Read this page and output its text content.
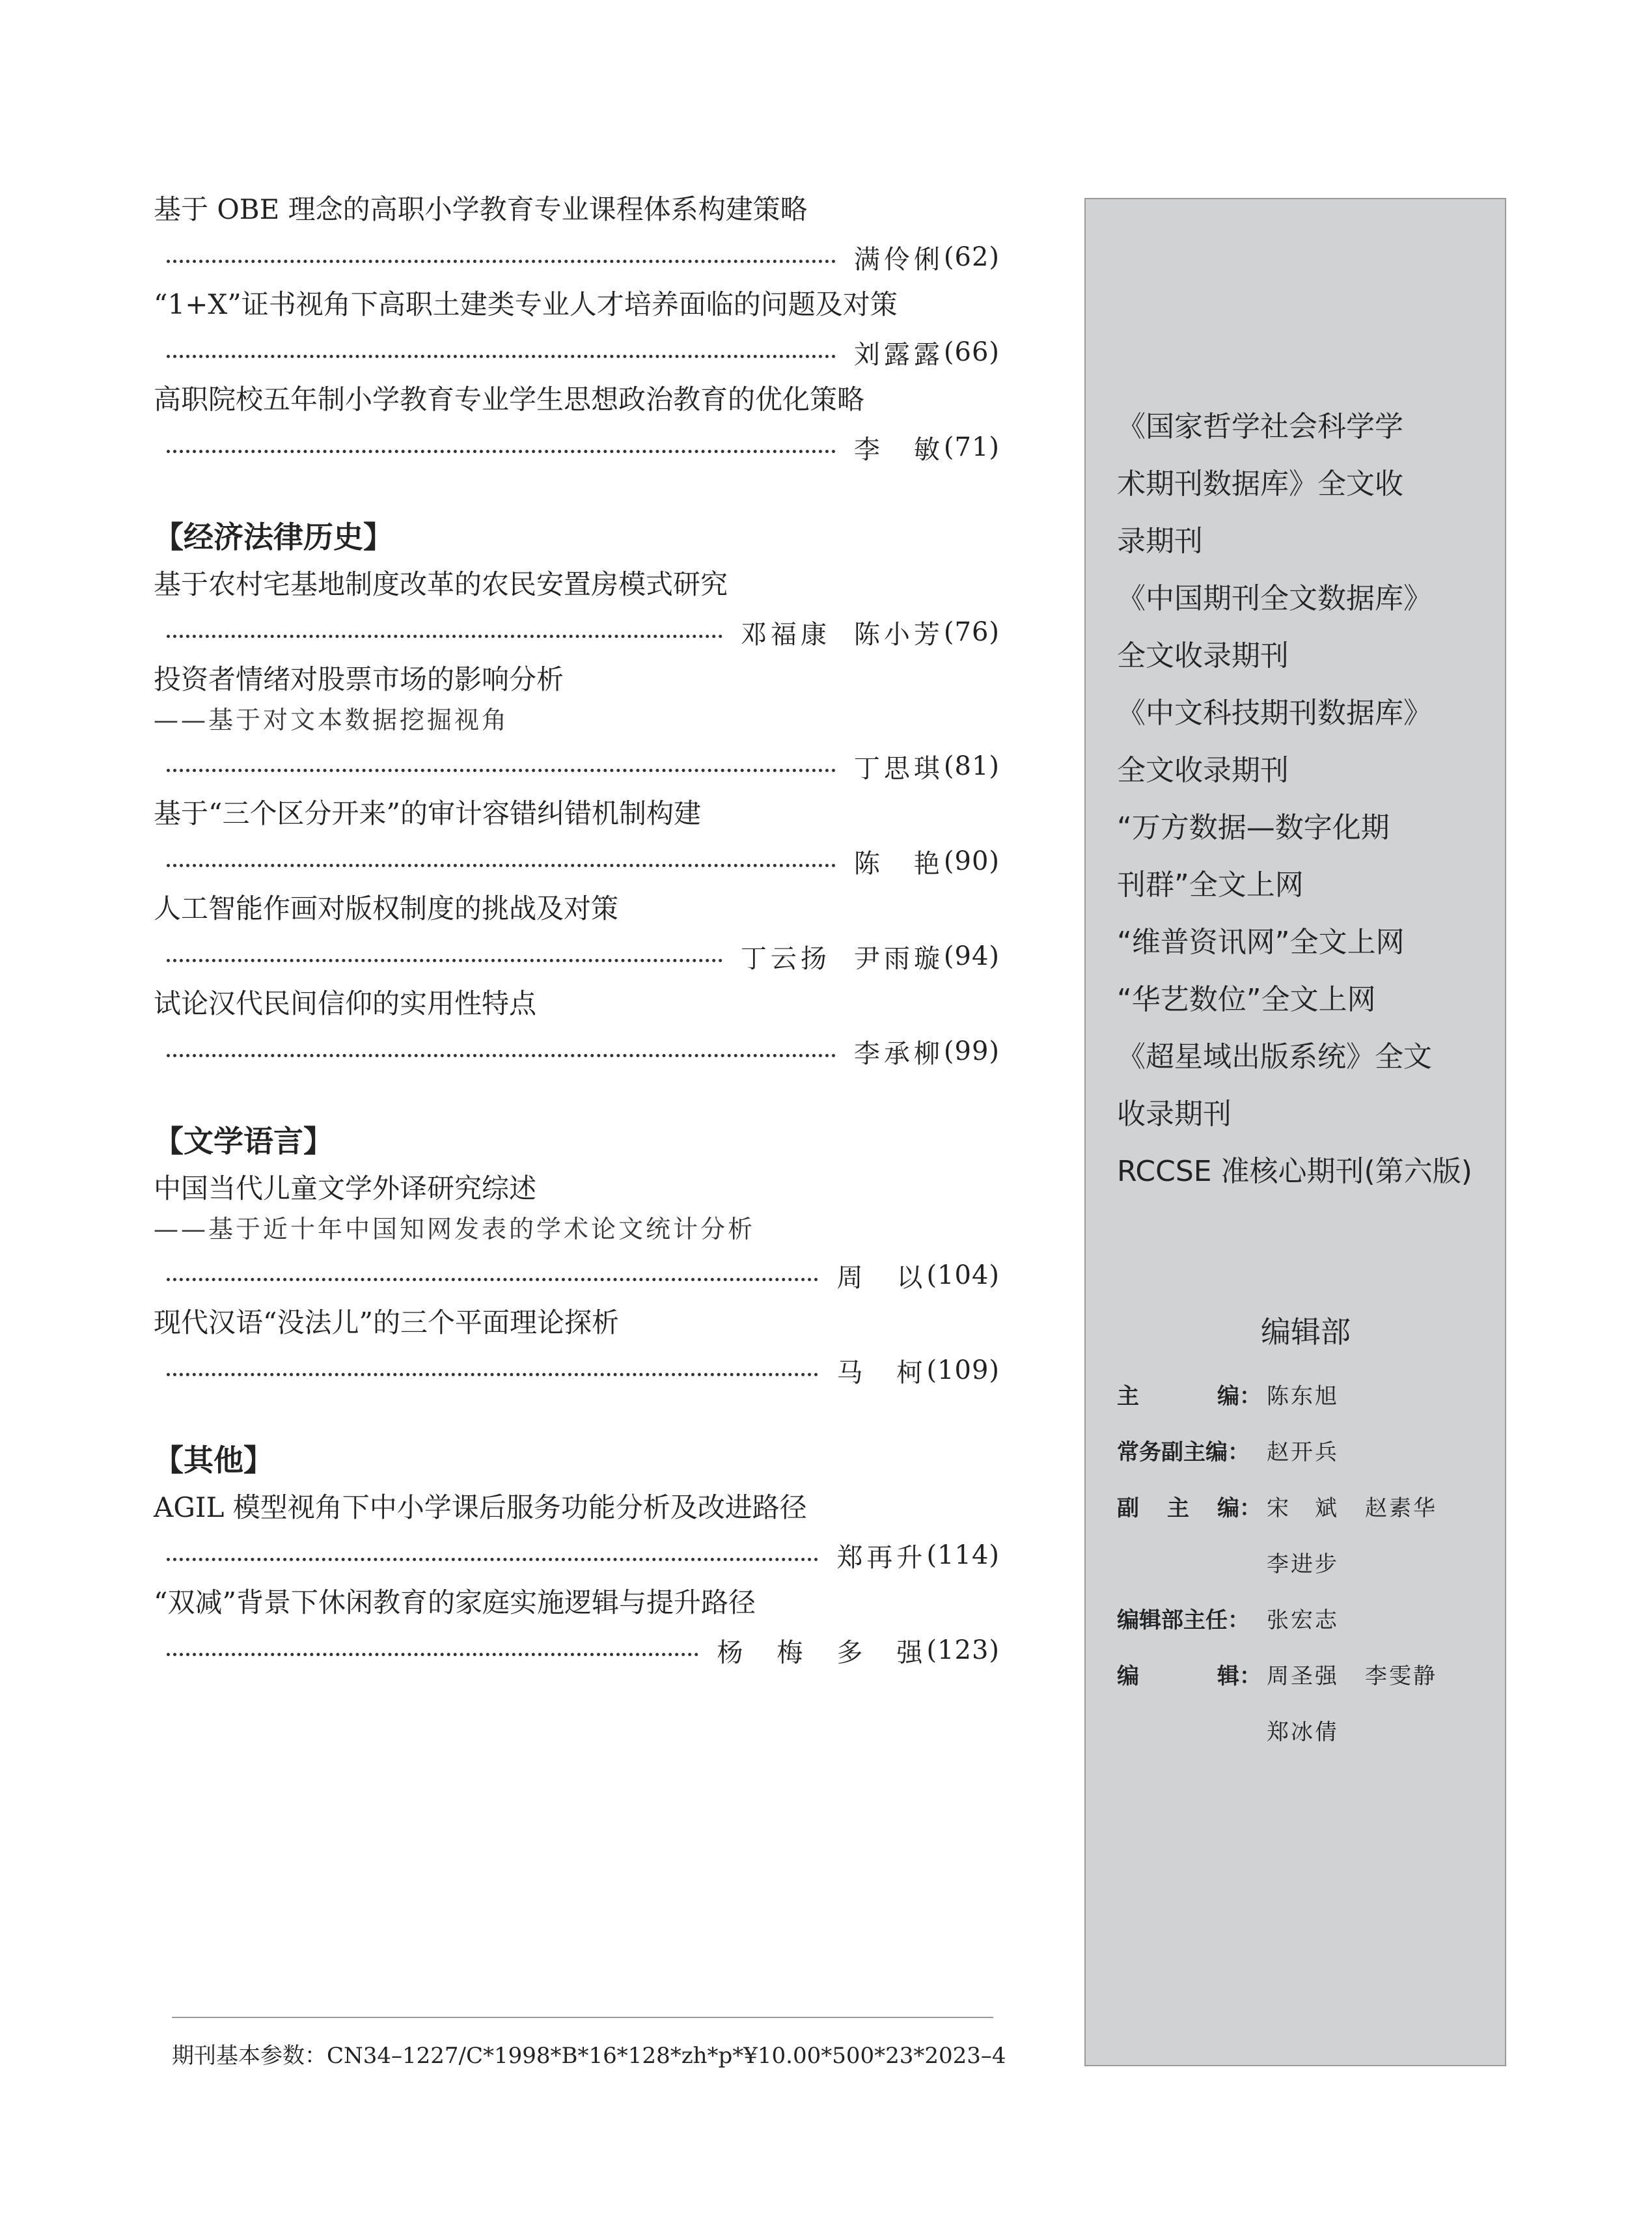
基于 OBE 理念的高职小学教育专业课程体系构建策略
满伶俐 (62)
“1+X”证书视角下高职土建类专业人才培养面临的问题及对策
刘露露 (66)
高职院校五年制小学教育专业学生思想政治教育的优化策略
李　敏 (71)
【经济法律历史】
基于农村宅基地制度改革的农民安置房模式研究
邓福康 陈小芳 (76)
投资者情绪对股票市场的影响分析
——基于对文本数据挖掘视角
丁思琪 (81)
基于“三个区分开来”的审计容错纠错机制构建
陈　艳 (90)
人工智能作画对版权制度的挑战及对策
丁云扬 尹雨璇 (94)
试论汉代民间信仰的实用性特点
李承柳 (99)
【文学语言】
中国当代儿童文学外译研究综述
——基于近十年中国知网发表的学术论文统计分析
周　以 (104)
现代汉语“没法儿”的三个平面理论探析
马　柯 (109)
【其他】
AGIL 模型视角下中小学课后服务功能分析及改进路径
郑再升 (114)
“双减”背景下休闲教育的家庭实施逻辑与提升路径
杨　梅　多　强 (123)
《国家哲学社会科学学
术期刊数据库》全文收
录期刊
《中国期刊全文数据库》
全文收录期刊
《中文科技期刊数据库》
全文收录期刊
“万方数据—数字化期
刊群”全文上网
“维普资讯网”全文上网
“华艺数位”全文上网
《超星域出版系统》全文
收录期刊
RCCSE 准核心期刊(第六版)
编辑部
主	编： 陈东旭
常务副主编： 赵开兵
副 主 编： 宋　斌 赵素华
李进步
编辑部主任： 张宏志
编	辑： 周圣强 李雯静
郑冰倩
期刊基本参数：CN34–1227/C*1998*B*16*128*zh*p*¥10.00*500*23*2023–4
